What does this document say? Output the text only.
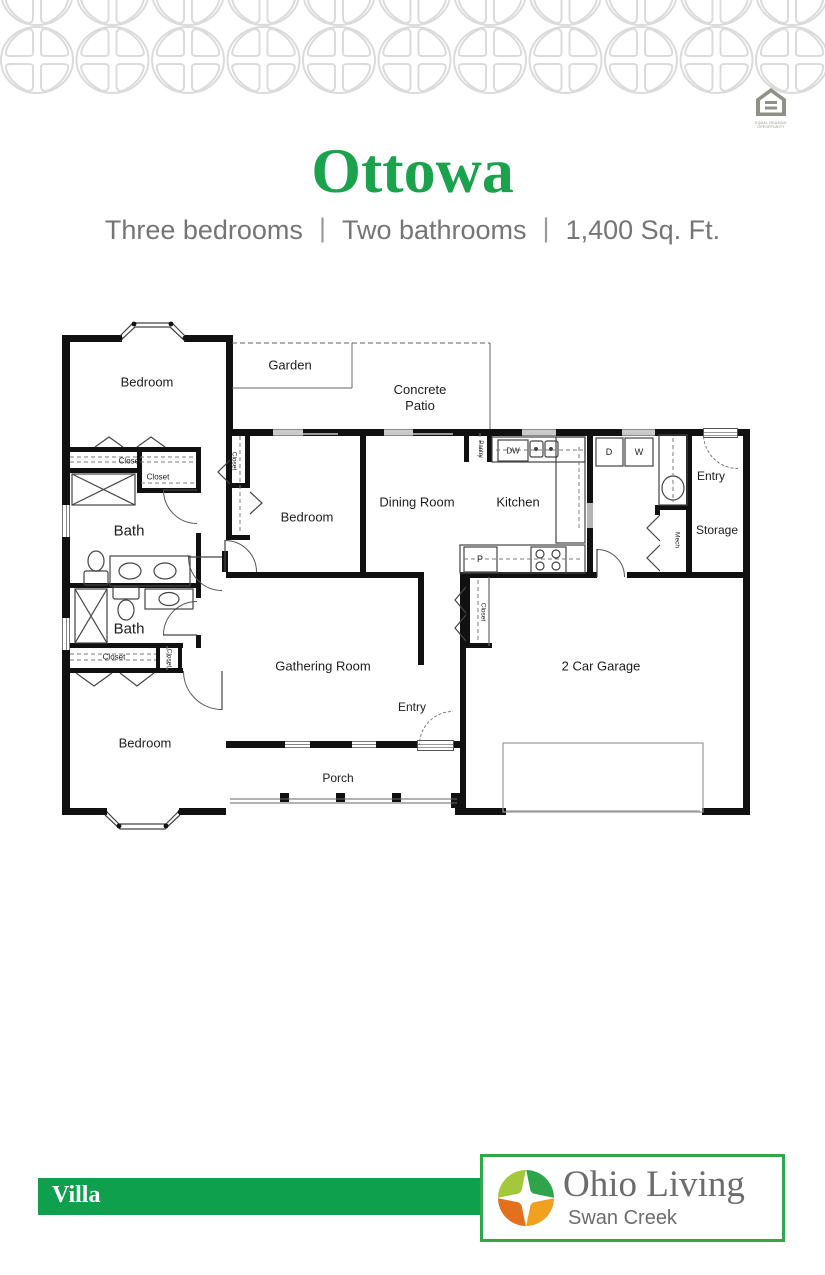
EQUAL HOUSING OPPORTUNITY
Ottowa
Three bedrooms | Two bathrooms | 1,400 Sq. Ft.
Bedroom
Garden
Concrete Patio
Closet
Closet
Bath
Bath
Closet	Closet
Bedroom
Closet
Bedroom
Dining Room	Kitchen
Pantry	DW	D	W
Entry
Storage
Mech
P
Closet
Gathering Room
Entry
2 Car Garage
Porch
Villa	Ohio Living
Swan Creek
